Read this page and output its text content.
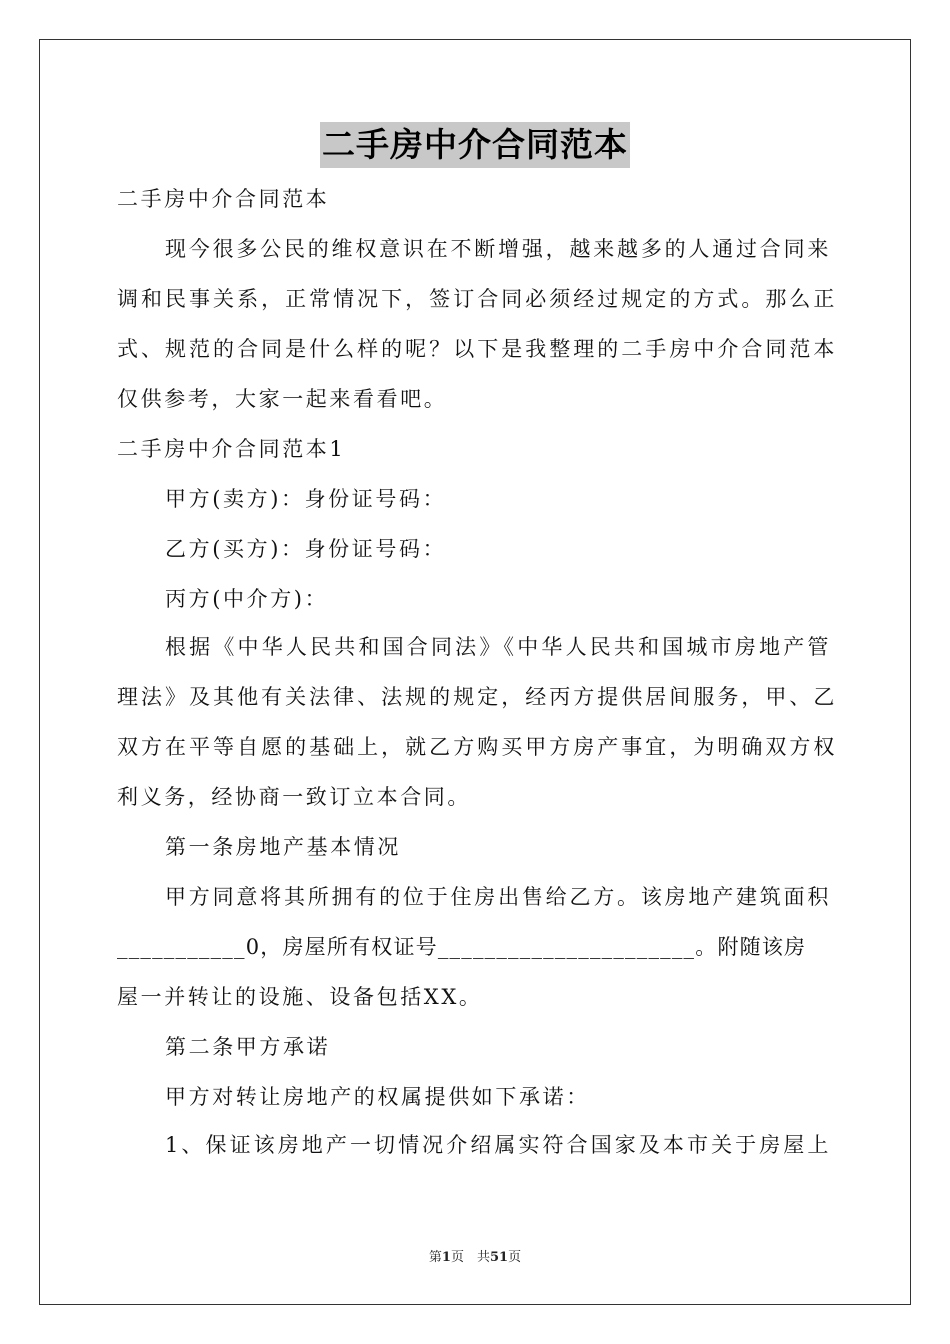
二手房中介合同范本
二手房中介合同范本
现今很多公民的维权意识在不断增强，越来越多的人通过合同来
调和民事关系，正常情况下，签订合同必须经过规定的方式。那么正
式、规范的合同是什么样的呢？以下是我整理的二手房中介合同范本
仅供参考，大家一起来看看吧。
二手房中介合同范本1
甲方(卖方)：身份证号码：
乙方(买方)：身份证号码：
丙方(中介方)：
根据《中华人民共和国合同法》《中华人民共和国城市房地产管
理法》及其他有关法律、法规的规定，经丙方提供居间服务，甲、乙
双方在平等自愿的基础上，就乙方购买甲方房产事宜，为明确双方权
利义务，经协商一致订立本合同。
第一条房地产基本情况
甲方同意将其所拥有的位于住房出售给乙方。该房地产建筑面积
___________0，房屋所有权证号______________________。附随该房
屋一并转让的设施、设备包括XX。
第二条甲方承诺
甲方对转让房地产的权属提供如下承诺：
1、保证该房地产一切情况介绍属实符合国家及本市关于房屋上
第1页　共51页
